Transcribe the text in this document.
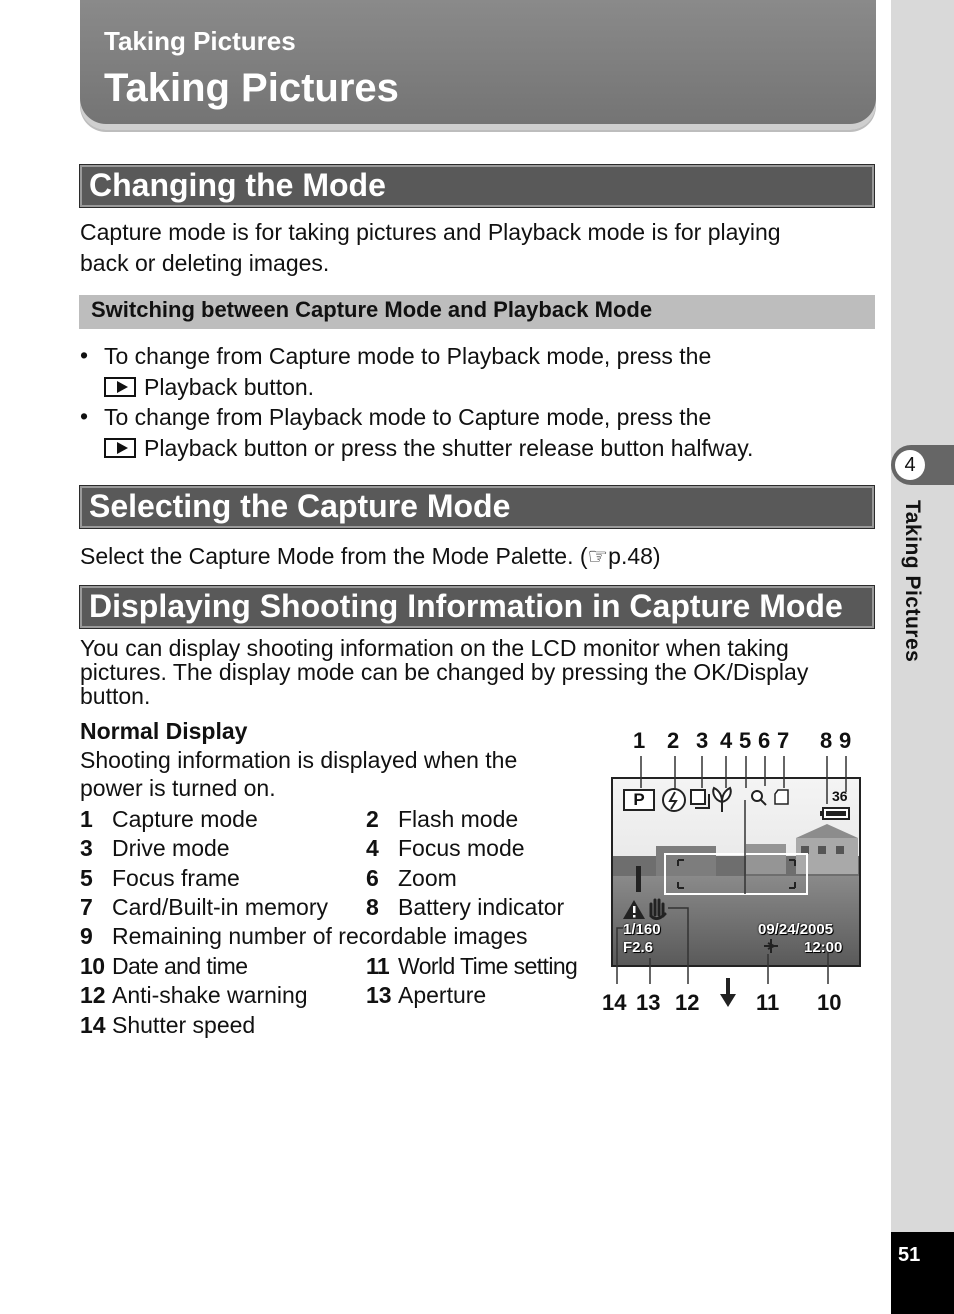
Taking Pictures
Taking Pictures
4
Taking Pictures
51
Changing the Mode
Capture mode is for taking pictures and Playback mode is for playing
back or deleting images.
Switching between Capture Mode and Playback Mode
• To change from Capture mode to Playback mode, press the
Playback button.
• To change from Playback mode to Capture mode, press the
Playback button or press the shutter release button halfway.
Selecting the Capture Mode
Select the Capture Mode from the Mode Palette. (☞p.48)
Displaying Shooting Information in Capture Mode
You can display shooting information on the LCD monitor when taking
pictures. The display mode can be changed by pressing the OK/Display
button.
Normal Display
Shooting information is displayed when the
power is turned on.
1 Capture mode	2 Flash mode
3 Drive mode	4 Focus mode
5 Focus frame	6 Zoom
7 Card/Built-in memory 8 Battery indicator
9 Remaining number of recordable images
10 Date and time	11 World Time setting
12 Anti-shake warning	13 Aperture
14 Shutter speed
1 2 3 4 5 6 7 8 9
P	36
1/160
F2.6
09/24/2005
12:00
14 13 12	11 10
